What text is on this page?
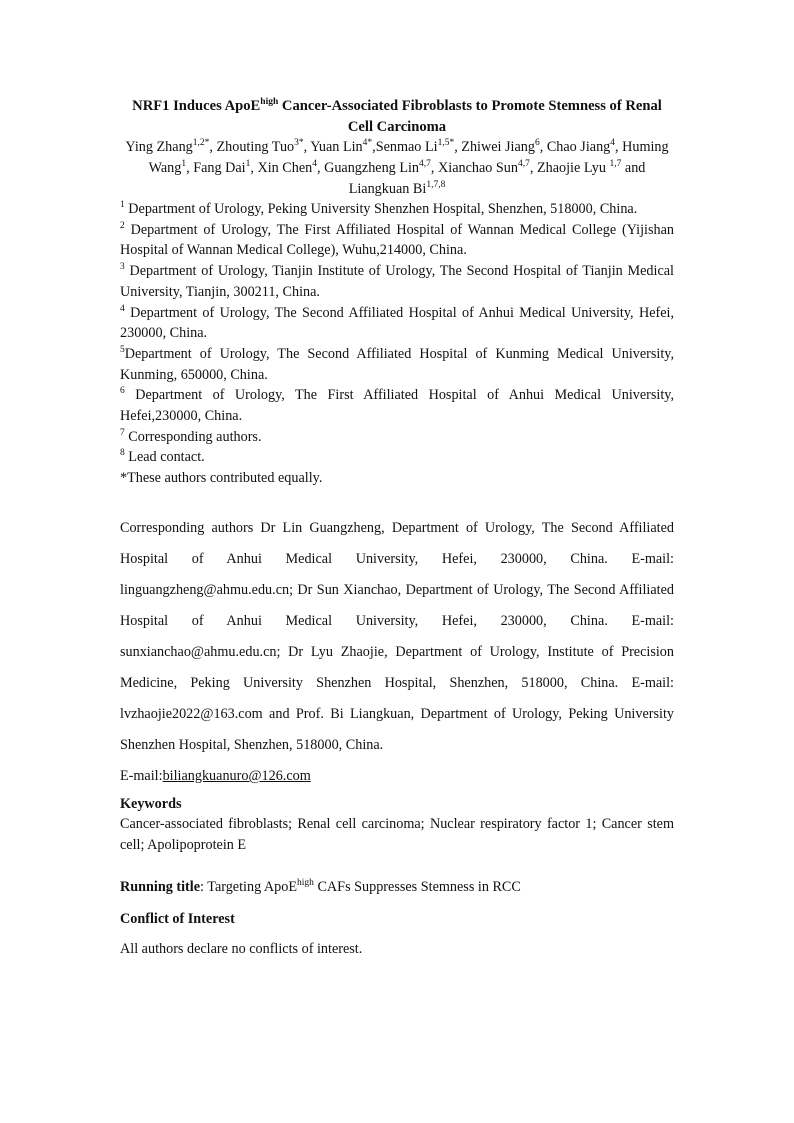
NRF1 Induces ApoE$^{high}$ Cancer-Associated Fibroblasts to Promote Stemness of Renal Cell Carcinoma
Ying Zhang$^{1,2*}$, Zhouting Tuo$^{3*}$, Yuan Lin$^{4*}$,Senmao $Li^{1,5*}$, Zhiwei Jiang$^6$, Chao Jiang$^4$, Huming Wang$^1$, Fang Dai$^1$, Xin Chen$^4$, Guangzheng Lin$^{4,7}$, Xianchao Sun$^{4,7}$, Zhaojie Lyu $^{1,7}$ and Liangkuan Bi$^{1,7,8}$

$^1$ Department of Urology, Peking University Shenzhen Hospital, Shenzhen, 518000, China.

$^2$ Department of Urology, The First Affiliated Hospital of Wannan Medical College (Yijishan Hospital of Wannan Medical College), Wuhu,214000, China.

$^3$ Department of Urology, Tianjin Institute of Urology, The Second Hospital of Tianjin Medical University, Tianjin, 300211, China.

$^4$ Department of Urology, The Second Affiliated Hospital of Anhui Medical University, Hefei, 230000, China.

$^5$Department of Urology, The Second Affiliated Hospital of Kunming Medical University, Kunming, 650000, China.

$^6$ Department of Urology, The First Affiliated Hospital of Anhui Medical University, Hefei,230000, China.

$^7$ Corresponding authors.

$^8$ Lead contact.

*These authors contributed equally.

Corresponding authors Dr Lin Guangzheng, Department of Urology, The Second Affiliated Hospital of Anhui Medical University, Hefei, 230000, China. E-mail: linguangzheng@ahmu.edu.cn; Dr Sun Xianchao, Department of Urology, The Second Affiliated Hospital of Anhui Medical University, Hefei, 230000, China. E-mail: sunxianchao@ahmu.edu.cn; Dr Lyu Zhaojie, Department of Urology, Institute of Precision Medicine, Peking University Shenzhen Hospital, Shenzhen, 518000, China. E-mail: lvzhaojie2022@163.com and Prof. Bi Liangkuan, Department of Urology, Peking University Shenzhen Hospital, Shenzhen, 518000, China.
E-mail:biliangkuanuro@126.com
Keywords
Cancer-associated fibroblasts; Renal cell carcinoma; Nuclear respiratory factor 1; Cancer stem cell; Apolipoprotein E
Running title: Targeting ApoE$^{high}$ CAFs Suppresses Stemness in RCC
Conflict of Interest
All authors declare no conflicts of interest.
